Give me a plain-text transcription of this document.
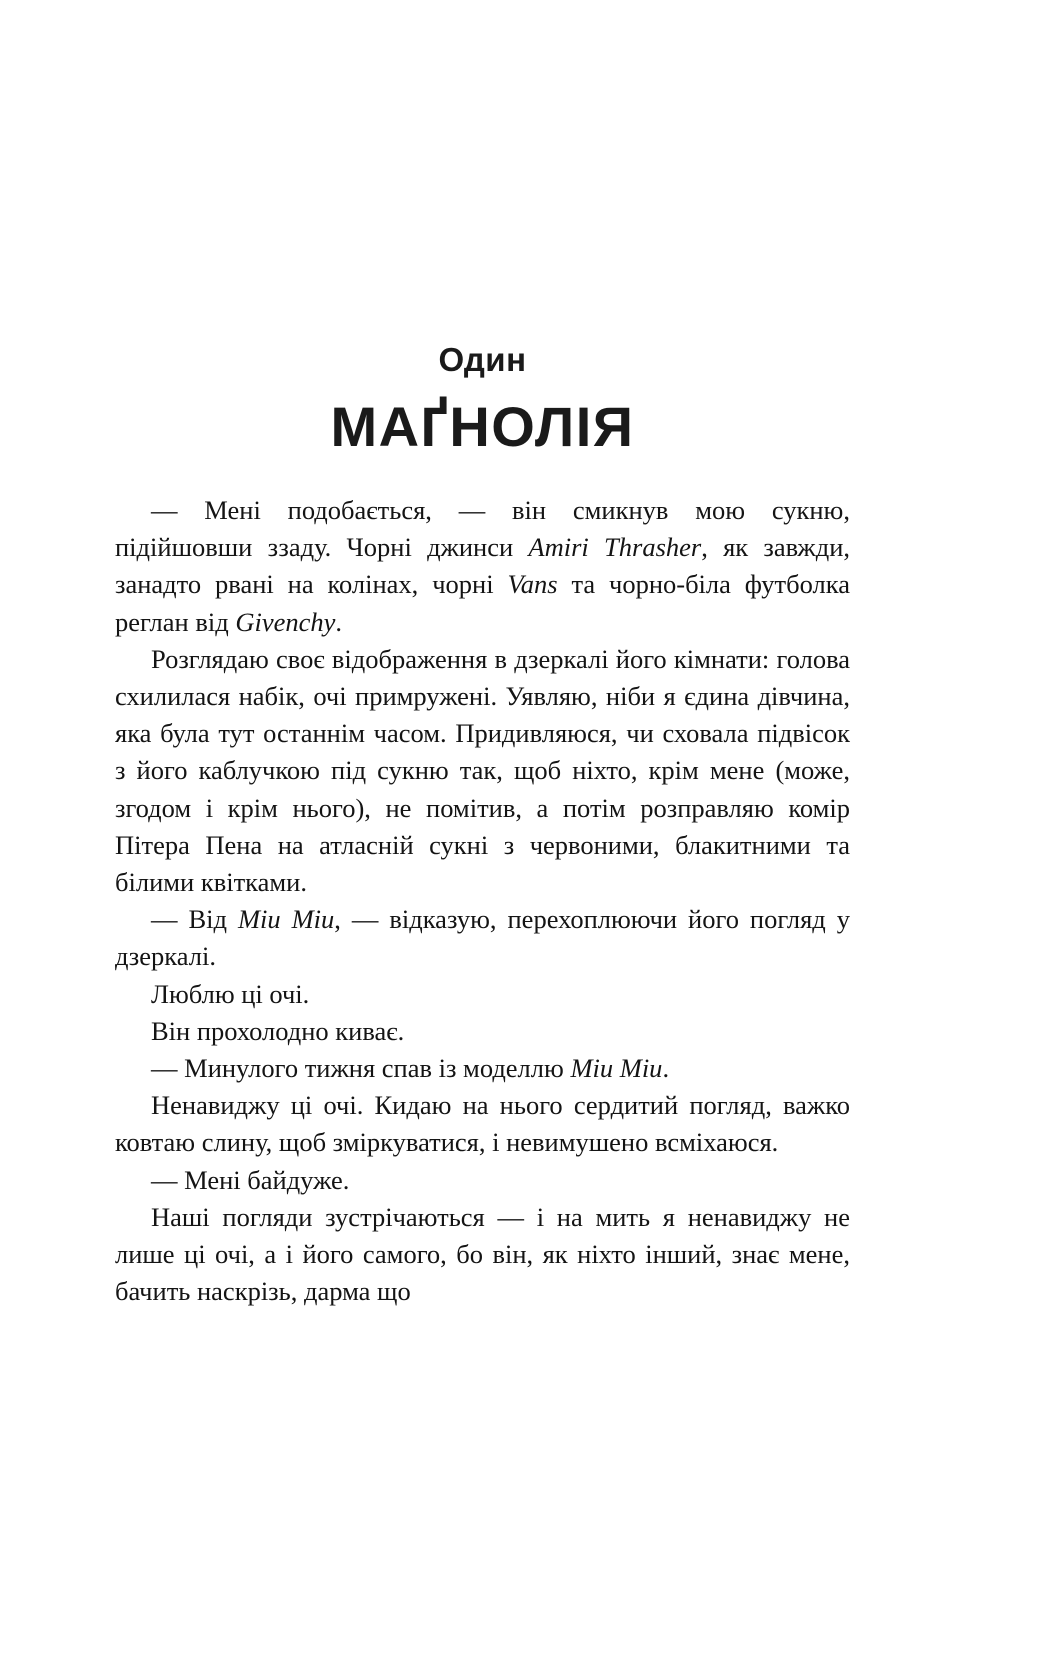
Один
МАҐНОЛІЯ

— Мені подобається, — він смикнув мою сукню, підійшовши ззаду. Чорні джинси Amiri Thrasher, як завжди, занадто рвані на колінах, чорні Vans та чорно-біла футболка реглан від Givenchy.

Розглядаю своє відображення в дзеркалі його кімнати: голова схилилася набік, очі примружені. Уявляю, ніби я єдина дівчина, яка була тут останнім часом. Придивляюся, чи сховала підвісок з його каблучкою під сукню так, щоб ніхто, крім мене (може, згодом і крім нього), не помітив, а потім розправляю комір Пітера Пена на атласній сукні з червоними, блакитними та білими квітками.

— Від Miu Miu, — відказую, перехоплюючи його погляд у дзеркалі.

Люблю ці очі.

Він прохолодно киває.

— Минулого тижня спав із моделлю Miu Miu.

Ненавиджу ці очі. Кидаю на нього сердитий погляд, важко ковтаю слину, щоб зміркуватися, і невимушено всміхаюся.

— Мені байдуже.

Наші погляди зустрічаються — і на мить я ненавиджу не лише ці очі, а і його самого, бо він, як ніхто інший, знає мене, бачить наскрізь, дарма що
